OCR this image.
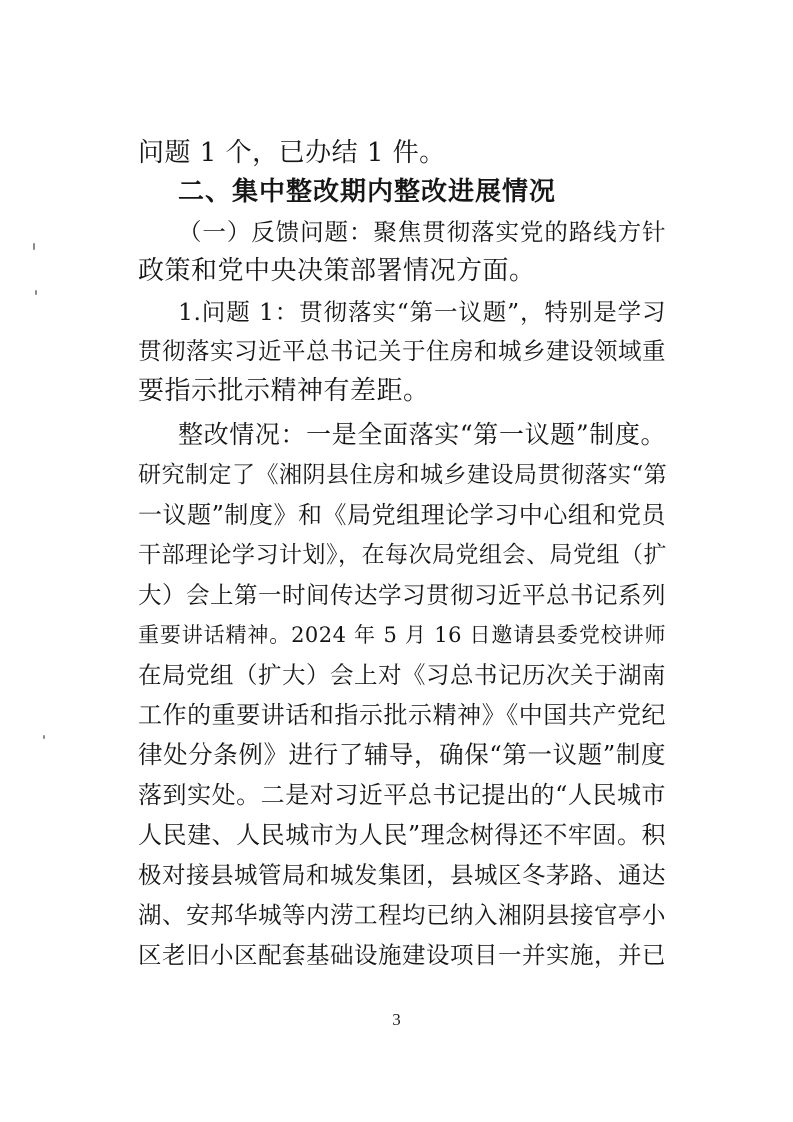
问题 1 个，已办结 1 件。
二、集中整改期内整改进展情况
（一）反馈问题：聚焦贯彻落实党的路线方针
政策和党中央决策部署情况方面。
1.问题 1：贯彻落实“第一议题”，特别是学习
贯彻落实习近平总书记关于住房和城乡建设领域重
要指示批示精神有差距。
整改情况：一是全面落实“第一议题”制度。
研究制定了《湘阴县住房和城乡建设局贯彻落实“第
一议题”制度》和《局党组理论学习中心组和党员
干部理论学习计划》，在每次局党组会、局党组（扩
大）会上第一时间传达学习贯彻习近平总书记系列
重要讲话精神。2024 年 5 月 16 日邀请县委党校讲师
在局党组（扩大）会上对《习总书记历次关于湖南
工作的重要讲话和指示批示精神》《中国共产党纪
律处分条例》进行了辅导，确保“第一议题”制度
落到实处。二是对习近平总书记提出的“人民城市
人民建、人民城市为人民”理念树得还不牢固。积
极对接县城管局和城发集团，县城区冬茅路、通达
湖、安邦华城等内涝工程均已纳入湘阴县接官亭小
区老旧小区配套基础设施建设项目一并实施，并已
3
